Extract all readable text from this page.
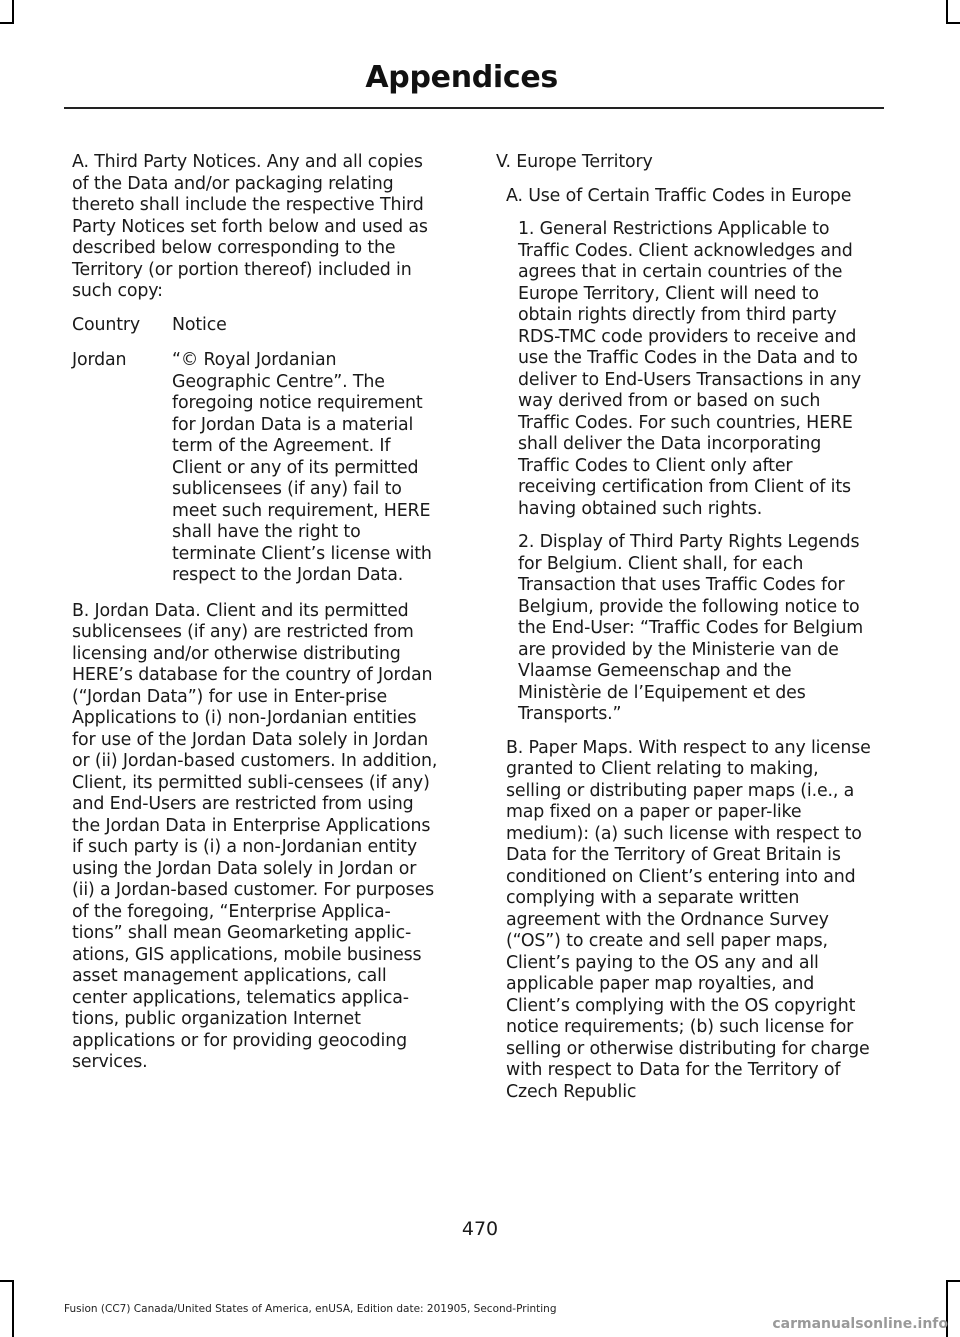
Appendices

A. Third Party Notices. Any and all copies of the Data and/or packaging relating thereto shall include the respective Third Party Notices set forth below and used as described below corresponding to the Territory (or portion thereof) included in such copy:

Country	Notice
Jordan	“© Royal Jordanian Geographic Centre”. The foregoing notice requirement for Jordan Data is a material term of the Agreement. If Client or any of its permitted sublicensees (if any) fail to meet such requirement, HERE shall have the right to terminate Client’s license with respect to the Jordan Data.

B. Jordan Data. Client and its permitted sublicensees (if any) are restricted from licensing and/or otherwise distributing HERE’s database for the country of Jordan (“Jordan Data”) for use in Enter-prise Applications to (i) non-Jordanian entities for use of the Jordan Data solely in Jordan or (ii) Jordan-based customers. In addition, Client, its permitted subli-censees (if any) and End-Users are restricted from using the Jordan Data in Enterprise Applications if such party is (i) a non-Jordanian entity using the Jordan Data solely in Jordan or (ii) a Jordan-based customer. For purposes of the foregoing, “Enterprise Applica-tions” shall mean Geomarketing applic-ations, GIS applications, mobile business asset management applications, call center applications, telematics applica-tions, public organization Internet applications or for providing geocoding services.

V. Europe Territory

A. Use of Certain Traffic Codes in Europe

1. General Restrictions Applicable to Traffic Codes. Client acknowledges and agrees that in certain countries of the Europe Territory, Client will need to obtain rights directly from third party RDS-TMC code providers to receive and use the Traffic Codes in the Data and to deliver to End-Users Transactions in any way derived from or based on such Traffic Codes. For such countries, HERE shall deliver the Data incorporating Traffic Codes to Client only after receiving certification from Client of its having obtained such rights.

2. Display of Third Party Rights Legends for Belgium. Client shall, for each Transaction that uses Traffic Codes for Belgium, provide the following notice to the End-User: “Traffic Codes for Belgium are provided by the Ministerie van de Vlaamse Gemeenschap and the Ministèrie de l’Equipement et des Transports.”

B. Paper Maps. With respect to any license granted to Client relating to making, selling or distributing paper maps (i.e., a map fixed on a paper or paper-like medium): (a) such license with respect to Data for the Territory of Great Britain is conditioned on Client’s entering into and complying with a separate written agreement with the Ordnance Survey (“OS”) to create and sell paper maps, Client’s paying to the OS any and all applicable paper map royalties, and Client’s complying with the OS copyright notice requirements; (b) such license for selling or otherwise distributing for charge with respect to Data for the Territory of Czech Republic

470
Fusion (CC7) Canada/United States of America, enUSA, Edition date: 201905, Second-Printing
carmanualsonline.info
